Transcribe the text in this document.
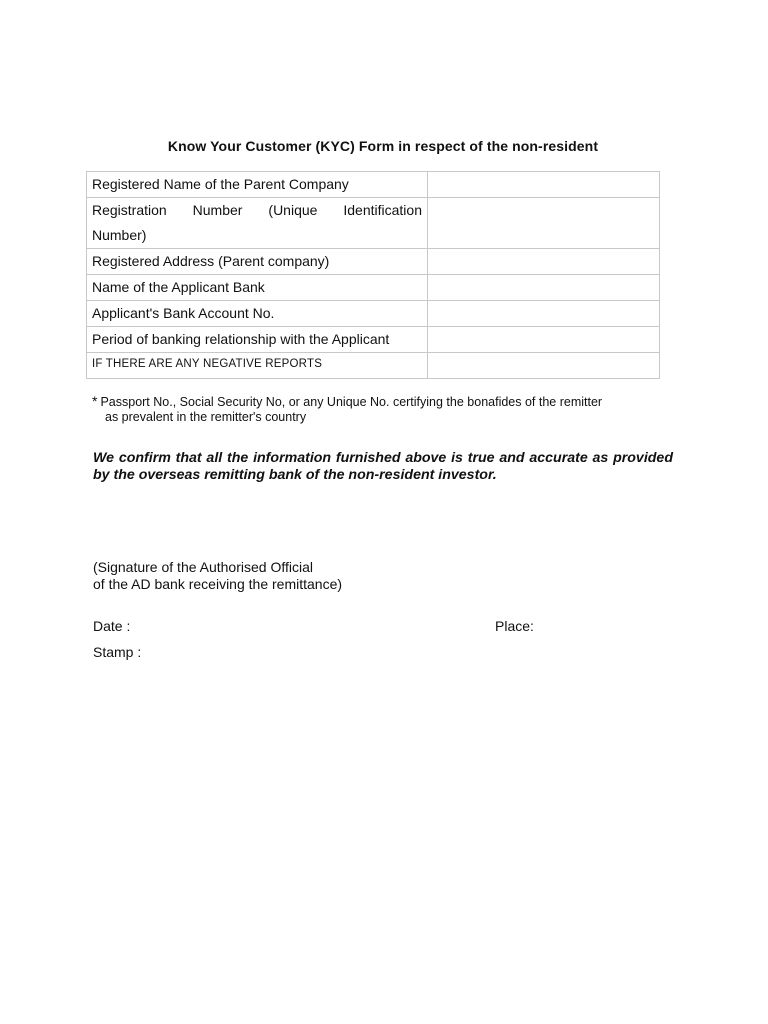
Know Your Customer (KYC) Form in respect of the non-resident
Registered Name of the Parent Company	

Registration Number (Unique Identification
Number)	
Registered Address (Parent company)	
Name of the Applicant Bank	
Applicant's Bank Account No.	
Period of banking relationship with the Applicant	
IF THERE ARE ANY NEGATIVE REPORTS	
* Passport No., Social Security No, or any Unique No. certifying the bonafides of the remitter
as prevalent in the remitter's country
We confirm that all the information furnished above is true and accurate as provided by the overseas remitting bank of the non-resident investor.
(Signature of the Authorised Official
of the AD bank receiving the remittance)
Date :	Place:
Stamp :
